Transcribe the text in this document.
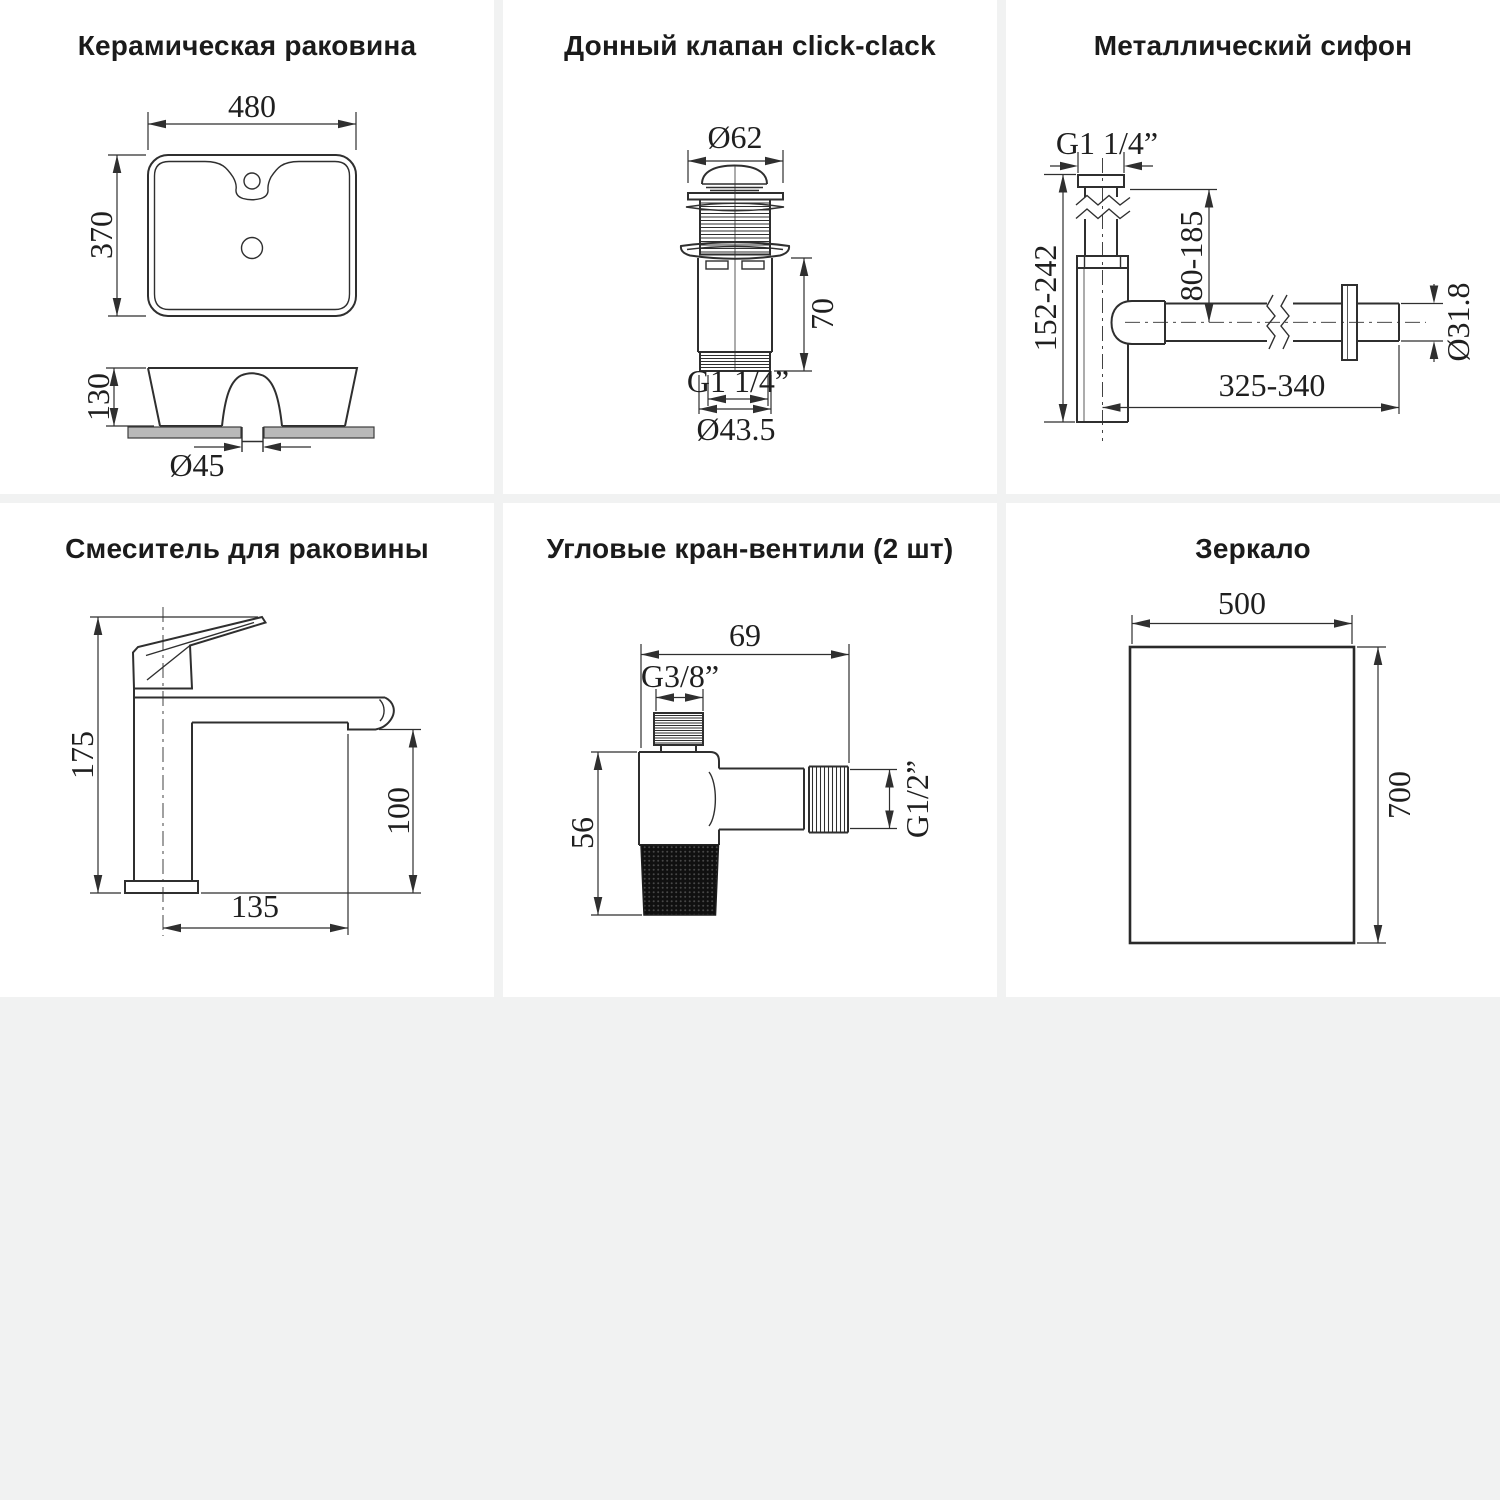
Керамическая раковина
480
370
130
Ø45
Донный клапан click-clack
Ø62
70
G1 1/4”
Ø43.5
Металлический сифон
G1 1/4”
152-242	80-185
Ø31.8
325-340
Смеситель для раковины
175
100
135
Угловые кран-вентили (2 шт)
69
G3/8”
56	G1/2”
Зеркало
500
700
